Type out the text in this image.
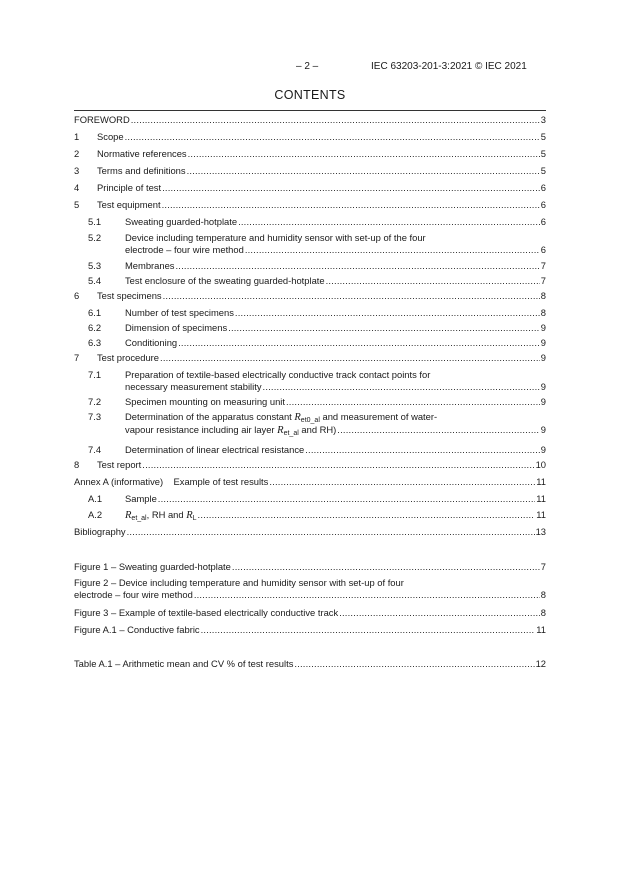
– 2 –	IEC 63203-201-3:2021 © IEC 2021
CONTENTS
FOREWORD .....	3
1	Scope .....	5
2	Normative references .....	5
3	Terms and definitions .....	5
4	Principle of test .....	6
5	Test equipment .....	6
5.1	Sweating guarded-hotplate .....	6
5.2	Device including temperature and humidity sensor with set-up of the four
electrode – four wire method .....	6
5.3	Membranes .....	7
5.4	Test enclosure of the sweating guarded-hotplate .....	7
6	Test specimens .....	8
6.1	Number of test specimens .....	8
6.2	Dimension of specimens .....	9
6.3	Conditioning .....	9
7	Test procedure .....	9
7.1	Preparation of textile-based electrically conductive track contact points for
necessary measurement stability .....	9
7.2	Specimen mounting on measuring unit .....	9
7.3	Determination of the apparatus constant $R_{et0\_al}$ and measurement of water-
vapour resistance including air layer $R_{et\_al}$ and RH) .....	9
7.4	Determination of linear electrical resistance .....	9
8	Test report .....	10
Annex A (informative)    Example of test results .....	11
A.1	Sample .....	11
A.2	$R_{et\_al}$, RH and $R_L$ .....	11
Bibliography .....	13
Figure 1 – Sweating guarded-hotplate .....	7
Figure 2 – Device including temperature and humidity sensor with set-up of four
electrode – four wire method .....	8
Figure 3 – Example of textile-based electrically conductive track .....	8
Figure A.1 – Conductive fabric .....	11
Table A.1 – Arithmetic mean and CV % of test results .....	12
